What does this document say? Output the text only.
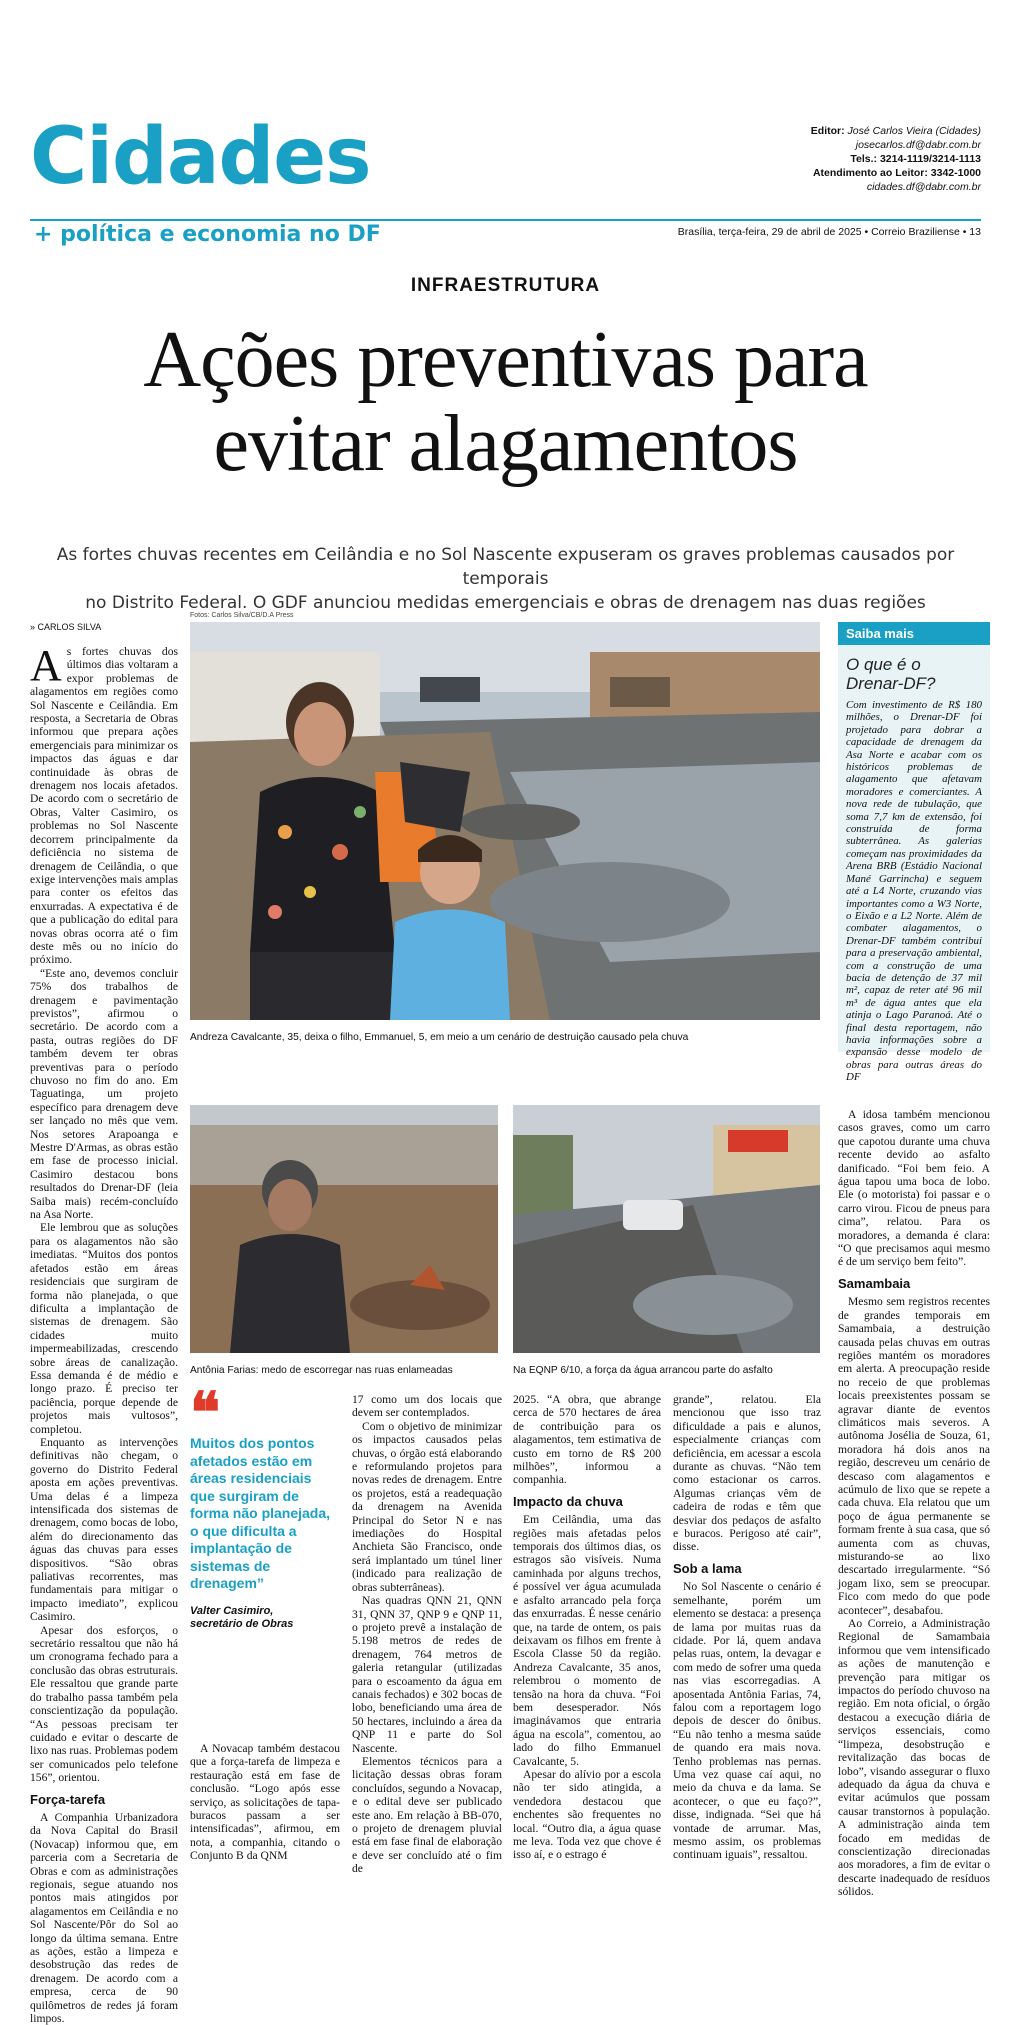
Cidades
+ política e economia no DF
Editor: José Carlos Vieira (Cidades)
josecarlos.df@dabr.com.br
Tels.: 3214-1119/3214-1113
Atendimento ao Leitor: 3342-1000
cidades.df@dabr.com.br
Brasília, terça-feira, 29 de abril de 2025 • Correio Braziliense • 13
INFRAESTRUTURA
Ações preventivas para
evitar alagamentos
As fortes chuvas recentes em Ceilândia e no Sol Nascente expuseram os graves problemas causados por temporais
no Distrito Federal. O GDF anunciou medidas emergenciais e obras de drenagem nas duas regiões
» CARLOS SILVA
Fotos: Carlos Silva/CB/D.A Press
Andreza Cavalcante, 35, deixa o filho, Emmanuel, 5, em meio a um cenário de destruição causado pela chuva
Saiba mais
O que é o Drenar-DF?
Com investimento de R$ 180 milhões, o Drenar-DF foi projetado para dobrar a capacidade de drenagem da Asa Norte e acabar com os históricos problemas de alagamento que afetavam moradores e comerciantes. A nova rede de tubulação, que soma 7,7 km de extensão, foi construída de forma subterrânea. As galerias começam nas proximidades da Arena BRB (Estádio Nacional Mané Garrincha) e seguem até a L4 Norte, cruzando vias importantes como a W3 Norte, o Eixão e a L2 Norte. Além de combater alagamentos, o Drenar-DF também contribui para a preservação ambiental, com a construção de uma bacia de detenção de 37 mil m², capaz de reter até 96 mil m³ de água antes que ela atinja o Lago Paranoá. Até o final desta reportagem, não havia informações sobre a expansão desse modelo de obras para outras áreas do DF
Antônia Farias: medo de escorregar nas ruas enlameadas	Na EQNP 6/10, a força da água arrancou parte do asfalto

As fortes chuvas dos últimos dias voltaram a expor problemas de alagamentos em regiões como Sol Nascente e Ceilândia. Em resposta, a Secretaria de Obras informou que prepara ações emergenciais para minimizar os impactos das águas e dar continuidade às obras de drenagem nos locais afetados. De acordo com o secretário de Obras, Valter Casimiro, os problemas no Sol Nascente decorrem principalmente da deficiência no sistema de drenagem de Ceilândia, o que exige intervenções mais amplas para conter os efeitos das enxurradas. A expectativa é de que a publicação do edital para novas obras ocorra até o fim deste mês ou no início do próximo.

“Este ano, devemos concluir 75% dos trabalhos de drenagem e pavimentação previstos”, afirmou o secretário. De acordo com a pasta, outras regiões do DF também devem ter obras preventivas para o período chuvoso no fim do ano. Em Taguatinga, um projeto específico para drenagem deve ser lançado no mês que vem. Nos setores Arapoanga e Mestre D'Armas, as obras estão em fase de processo inicial. Casimiro destacou bons resultados do Drenar-DF (leia Saiba mais) recém-concluído na Asa Norte.

Ele lembrou que as soluções para os alagamentos não são imediatas. “Muitos dos pontos afetados estão em áreas residenciais que surgiram de forma não planejada, o que dificulta a implantação de sistemas de drenagem. São cidades muito impermeabilizadas, crescendo sobre áreas de canalização. Essa demanda é de médio e longo prazo. É preciso ter paciência, porque depende de projetos mais vultosos”, completou.

Enquanto as intervenções definitivas não chegam, o governo do Distrito Federal aposta em ações preventivas. Uma delas é a limpeza intensificada dos sistemas de drenagem, como bocas de lobo, além do direcionamento das águas das chuvas para esses dispositivos. “São obras paliativas recorrentes, mas fundamentais para mitigar o impacto imediato”, explicou Casimiro.

Apesar dos esforços, o secretário ressaltou que não há um cronograma fechado para a conclusão das obras estruturais. Ele ressaltou que grande parte do trabalho passa também pela conscientização da população. “As pessoas precisam ter cuidado e evitar o descarte de lixo nas ruas. Problemas podem ser comunicados pelo telefone 156”, orientou.

Força-tarefa

A Companhia Urbanizadora da Nova Capital do Brasil (Novacap) informou que, em parceria com a Secretaria de Obras e com as administrações regionais, segue atuando nos pontos mais atingidos por alagamentos em Ceilândia e no Sol Nascente/Pôr do Sol ao longo da última semana. Entre as ações, estão a limpeza e desobstrução das redes de drenagem. De acordo com a empresa, cerca de 90 quilômetros de redes já foram limpos.

❝
Muitos dos pontos afetados estão em áreas residenciais que surgiram de forma não planejada, o que dificulta a implantação de sistemas de drenagem”
Valter Casimiro,
secretário de Obras

A Novacap também destacou que a força-tarefa de limpeza e restauração está em fase de conclusão. “Logo após esse serviço, as solicitações de tapa-buracos passam a ser intensificadas”, afirmou, em nota, a companhia, citando o Conjunto B da QNM

17 como um dos locais que devem ser contemplados.

Com o objetivo de minimizar os impactos causados pelas chuvas, o órgão está elaborando e reformulando projetos para novas redes de drenagem. Entre os projetos, está a readequação da drenagem na Avenida Principal do Setor N e nas imediações do Hospital Anchieta São Francisco, onde será implantado um túnel liner (indicado para realização de obras subterrâneas).

Nas quadras QNN 21, QNN 31, QNN 37, QNP 9 e QNP 11, o projeto prevê a instalação de 5.198 metros de redes de drenagem, 764 metros de galeria retangular (utilizadas para o escoamento da água em canais fechados) e 302 bocas de lobo, beneficiando uma área de 50 hectares, incluindo a área da QNP 11 e parte do Sol Nascente.

Elementos técnicos para a licitação dessas obras foram concluídos, segundo a Novacap, e o edital deve ser publicado este ano. Em relação à BB-070, o projeto de drenagem pluvial está em fase final de elaboração e deve ser concluído até o fim de

2025. “A obra, que abrange cerca de 570 hectares de área de contribuição para os alagamentos, tem estimativa de custo em torno de R$ 200 milhões”, informou a companhia.

Impacto da chuva

Em Ceilândia, uma das regiões mais afetadas pelos temporais dos últimos dias, os estragos são visíveis. Numa caminhada por alguns trechos, é possível ver água acumulada e asfalto arrancado pela força das enxurradas. É nesse cenário que, na tarde de ontem, os pais deixavam os filhos em frente à Escola Classe 50 da região. Andreza Cavalcante, 35 anos, relembrou o momento de tensão na hora da chuva. “Foi bem desesperador. Nós imaginávamos que entraria água na escola”, comentou, ao lado do filho Emmanuel Cavalcante, 5.

Apesar do alívio por a escola não ter sido atingida, a vendedora destacou que enchentes são frequentes no local. “Outro dia, a água quase me leva. Toda vez que chove é isso aí, e o estrago é

grande”, relatou. Ela mencionou que isso traz dificuldade a pais e alunos, especialmente crianças com deficiência, em acessar a escola durante as chuvas. “Não tem como estacionar os carros. Algumas crianças vêm de cadeira de rodas e têm que desviar dos pedaços de asfalto e buracos. Perigoso até cair”, disse.

Sob a lama

No Sol Nascente o cenário é semelhante, porém um elemento se destaca: a presença de lama por muitas ruas da cidade. Por lá, quem andava pelas ruas, ontem, la devagar e com medo de sofrer uma queda nas vias escorregadias. A aposentada Antônia Farias, 74, falou com a reportagem logo depois de descer do ônibus. “Eu não tenho a mesma saúde de quando era mais nova. Tenho problemas nas pernas. Uma vez quase caí aqui, no meio da chuva e da lama. Se acontecer, o que eu faço?”, disse, indignada. “Sei que há vontade de arrumar. Mas, mesmo assim, os problemas continuam iguais”, ressaltou.

A idosa também mencionou casos graves, como um carro que capotou durante uma chuva recente devido ao asfalto danificado. “Foi bem feio. A água tapou uma boca de lobo. Ele (o motorista) foi passar e o carro virou. Ficou de pneus para cima”, relatou. Para os moradores, a demanda é clara: “O que precisamos aqui mesmo é de um serviço bem feito”.

Samambaia

Mesmo sem registros recentes de grandes temporais em Samambaia, a destruição causada pelas chuvas em outras regiões mantém os moradores em alerta. A preocupação reside no receio de que problemas locais preexistentes possam se agravar diante de eventos climáticos mais severos. A autônoma Josélia de Souza, 61, moradora há dois anos na região, descreveu um cenário de descaso com alagamentos e acúmulo de lixo que se repete a cada chuva. Ela relatou que um poço de água permanente se formam frente à sua casa, que só aumenta com as chuvas, misturando-se ao lixo descartado irregularmente. “Só jogam lixo, sem se preocupar. Fico com medo do que pode acontecer”, desabafou.

Ao Correio, a Administração Regional de Samambaia informou que vem intensificado as ações de manutenção e prevenção para mitigar os impactos do período chuvoso na região. Em nota oficial, o órgão destacou a execução diária de serviços essenciais, como “limpeza, desobstrução e revitalização das bocas de lobo”, visando assegurar o fluxo adequado da água da chuva e evitar acúmulos que possam causar transtornos à população. A administração ainda tem focado em medidas de conscientização direcionadas aos moradores, a fim de evitar o descarte inadequado de resíduos sólidos.
